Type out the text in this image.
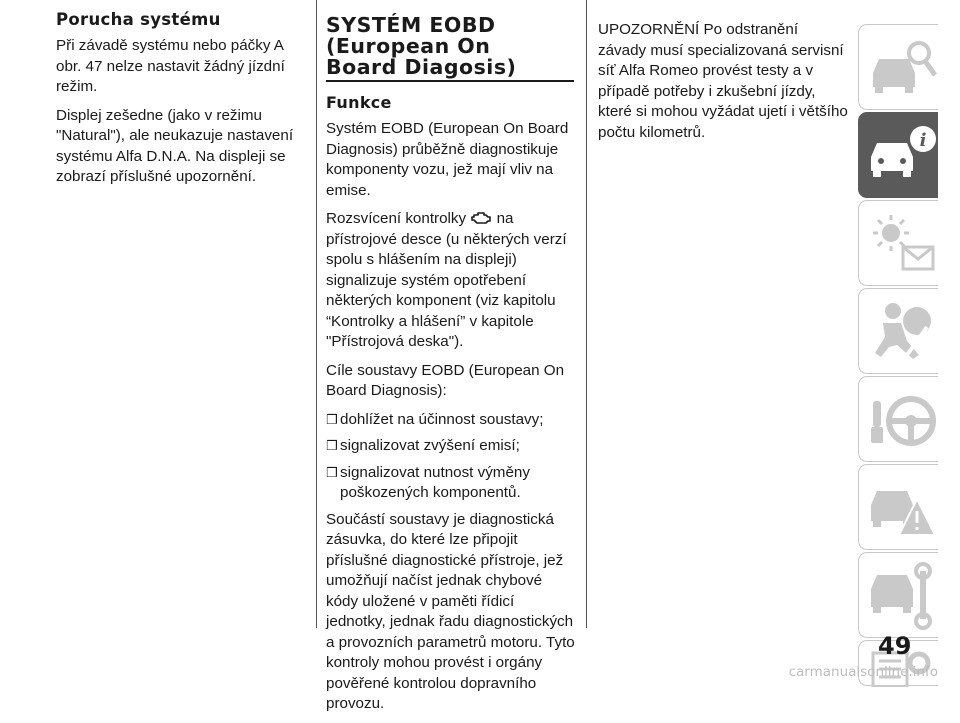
Porucha systému

Při závadě systému nebo páčky A obr. 47 nelze nastavit žádný jízdní režim.

Displej zešedne (jako v režimu "Natural"), ale neukazuje nastavení systému Alfa D.N.A. Na displeji se zobrazí příslušné upozornění.

SYSTÉM EOBD
(European On
Board Diagosis)
Funkce

Systém EOBD (European On Board Diagnosis) průběžně diagnostikuje komponenty vozu, jež mají vliv na emise.

Rozsvícení kontrolky na přístrojové desce (u některých verzí spolu s hlášením na displeji) signalizuje systém opotřebení některých komponent (viz kapitolu “Kontrolky a hlášení” v kapitole "Přístrojová deska").

Cíle soustavy EOBD (European On Board Diagnosis):

❒ dohlížet na účinnost soustavy;
❒ signalizovat zvýšení emisí;
❒ signalizovat nutnost výměny poškozených komponentů.

Součástí soustavy je diagnostická zásuvka, do které lze připojit příslušné diagnostické přístroje, jež umožňují načíst jednak chybové kódy uložené v paměti řídicí jednotky, jednak řadu diagnostických a provozních parametrů motoru. Tyto kontroly mohou provést i orgány pověřené kontrolou dopravního provozu.

UPOZORNĚNÍ Po odstranění závady musí specializovaná servisní síť Alfa Romeo provést testy a v případě potřeby i zkušební jízdy, které si mohou vyžádat ujetí i většího počtu kilometrů.	i
49
carmanualsonline.info
